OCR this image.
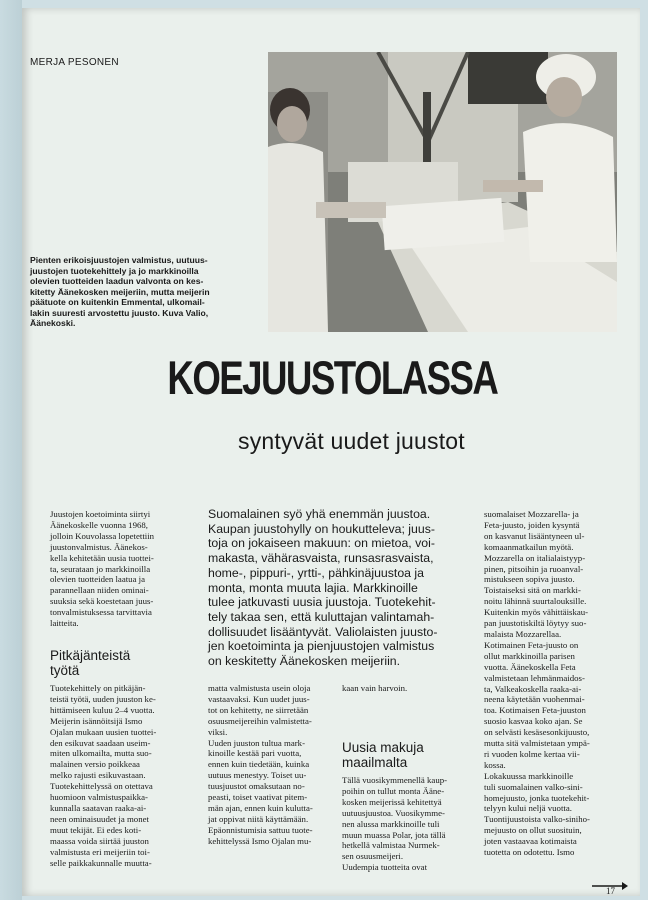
MERJA PESONEN
Pienten erikoisjuustojen valmistus, uutuus-
juustojen tuotekehittely ja jo markkinoilla
olevien tuotteiden laadun valvonta on kes-
kitetty Äänekosken meijeriin, mutta meijerin
päätuote on kuitenkin Emmental, ulkomail-
lakin suuresti arvostettu juusto. Kuva Valio,
Äänekoski.
KOEJUUSTOLASSA
syntyvät uudet juustot
Juustojen koetoiminta siirtyi
Äänekoskelle vuonna 1968,
jolloin Kouvolassa lopetettiin
juustonvalmistus. Äänekos-
kella kehitetään uusia tuottei-
ta, seurataan jo markkinoilla
olevien tuotteiden laatua ja
parannellaan niiden ominai-
suuksia sekä koestetaan juus-
tonvalmistuksessa tarvittavia
laitteita.
Pitkäjänteistä
työtä
Tuotekehittely on pitkäjän-
teistä työtä, uuden juuston ke-
hittämiseen kuluu 2–4 vuotta.
Meijerin isännöitsijä Ismo
Ojalan mukaan uusien tuottei-
den esikuvat saadaan useim-
miten ulkomailta, mutta suo-
malainen versio poikkeaa
melko rajusti esikuvastaan.
Tuotekehittelyssä on otettava
huomioon valmistuspaikka-
kunnalla saatavan raaka-ai-
neen ominaisuudet ja monet
muut tekijät. Ei edes koti-
maassa voida siirtää juuston
valmistusta eri meijeriin toi-
selle paikkakunnalle muutta-
Suomalainen syö yhä enemmän juustoa.
Kaupan juustohylly on houkutteleva; juus-
toja on jokaiseen makuun: on mietoa, voi-
makasta, vähärasvaista, runsasrasvaista,
home-, pippuri-, yrtti-, pähkinäjuustoa ja
monta, monta muuta lajia. Markkinoille
tulee jatkuvasti uusia juustoja. Tuotekehit-
tely takaa sen, että kuluttajan valintamah-
dollisuudet lisääntyvät. Valiolaisten juusto-
jen koetoiminta ja pienjuustojen valmistus
on keskitetty Äänekosken meijeriin.
matta valmistusta usein oloja
vastaavaksi. Kun uudet juus-
tot on kehitetty, ne siirretään
osuusmeijereihin valmistetta-
viksi.
Uuden juuston tultua mark-
kinoille kestää pari vuotta,
ennen kuin tiedetään, kuinka
uutuus menestyy. Toiset uu-
tuusjuustot omaksutaan no-
peasti, toiset vaativat pitem-
män ajan, ennen kuin kulutta-
jat oppivat niitä käyttämään.
Epäonnistumisia sattuu tuote-
kehittelyssä Ismo Ojalan mu-
kaan vain harvoin.
Uusia makuja
maailmalta
Tällä vuosikymmenellä kaup-
poihin on tullut monta Ääne-
kosken meijerissä kehitettyä
uutuusjuustoa. Vuosikymme-
nen alussa markkinoille tuli
muun muassa Polar, jota tällä
hetkellä valmistaa Nurmek-
sen osuusmeijeri.
Uudempia tuotteita ovat
suomalaiset Mozzarella- ja
Feta-juusto, joiden kysyntä
on kasvanut lisääntyneen ul-
komaanmatkailun myötä.
Mozzarella on italialaistyyp-
pinen, pitsoihin ja ruoanval-
mistukseen sopiva juusto.
Toistaiseksi sitä on markki-
noitu lähinnä suurtalouksille.
Kuitenkin myös vähittäiskau-
pan juustotiskiltä löytyy suo-
malaista Mozzarellaa.
Kotimainen Feta-juusto on
ollut markkinoilla parisen
vuotta. Äänekoskella Feta
valmistetaan lehmänmaidos-
ta, Valkeakoskella raaka-ai-
neena käytetään vuohenmai-
toa. Kotimaisen Feta-juuston
suosio kasvaa koko ajan. Se
on selvästi kesäsesonkijuusto,
mutta sitä valmistetaan ympä-
ri vuoden kolme kertaa vii-
kossa.
Lokakuussa markkinoille
tuli suomalainen valko-sini-
homejuusto, jonka tuotekehit-
telyyn kului neljä vuotta.
Tuontijuustoista valko-siniho-
mejuusto on ollut suosituin,
joten vastaavaa kotimaista
tuotetta on odotettu. Ismo
17
